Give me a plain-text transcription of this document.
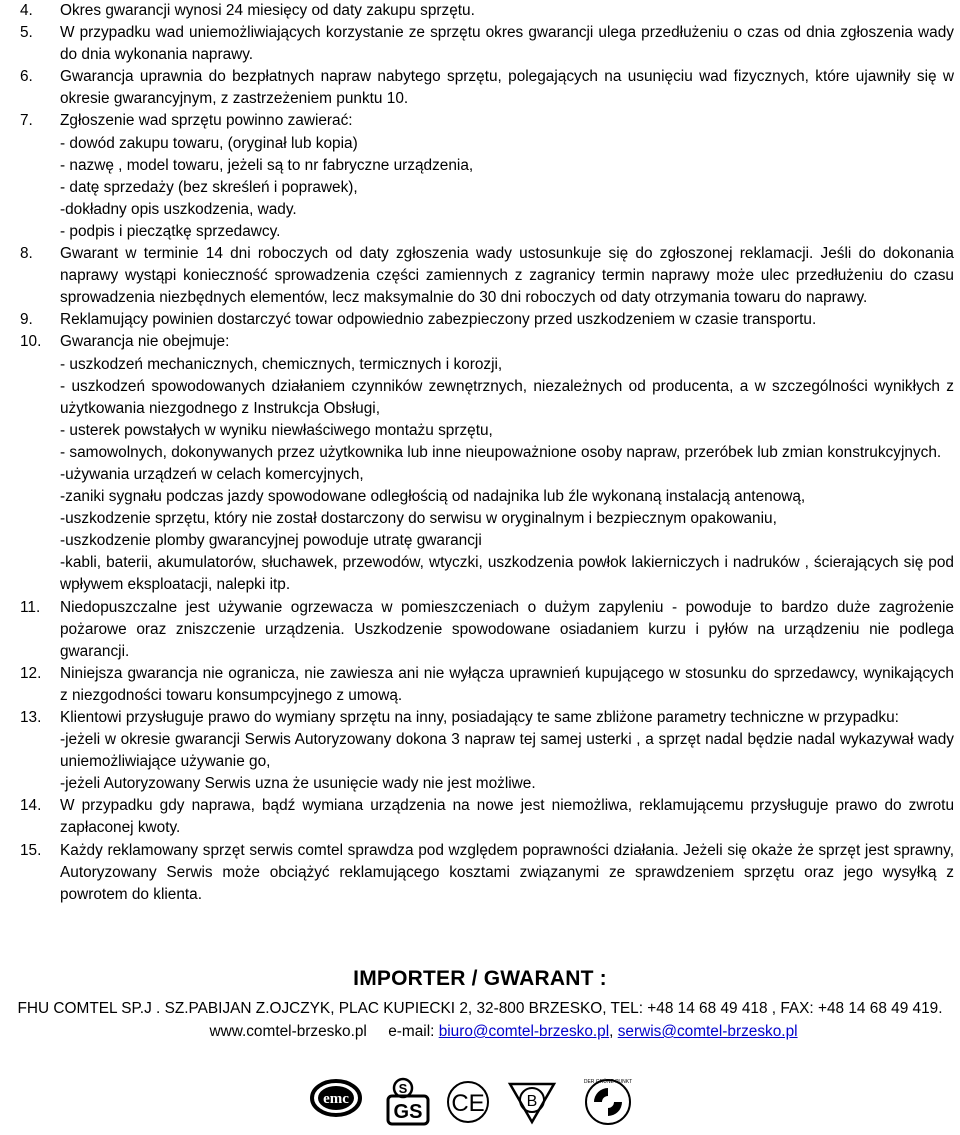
4.	Okres gwarancji wynosi 24 miesięcy od daty zakupu sprzętu.
5.	W przypadku wad uniemożliwiających korzystanie ze sprzętu okres gwarancji ulega przedłużeniu o czas od dnia zgłoszenia wady do dnia wykonania naprawy.
6.	Gwarancja uprawnia do bezpłatnych napraw nabytego sprzętu, polegających na usunięciu wad fizycznych, które ujawniły się w okresie gwarancyjnym, z zastrzeżeniem punktu 10.
7.	Zgłoszenie wad sprzętu powinno zawierać:
- dowód zakupu towaru, (oryginał lub kopia)
- nazwę , model towaru, jeżeli są to nr fabryczne urządzenia,
- datę sprzedaży (bez skreśleń i poprawek),
-dokładny opis uszkodzenia, wady.
- podpis i pieczątkę sprzedawcy.
8.	Gwarant w terminie 14 dni roboczych od daty zgłoszenia wady ustosunkuje się do zgłoszonej reklamacji. Jeśli do dokonania naprawy wystąpi konieczność sprowadzenia części zamiennych z zagranicy termin naprawy może ulec przedłużeniu do czasu sprowadzenia niezbędnych elementów, lecz maksymalnie do 30 dni roboczych od daty otrzymania towaru do naprawy.
9.	Reklamujący powinien dostarczyć towar odpowiednio zabezpieczony przed uszkodzeniem w czasie transportu.
10.	Gwarancja nie obejmuje:
- uszkodzeń mechanicznych, chemicznych, termicznych i korozji,
- uszkodzeń spowodowanych działaniem czynników zewnętrznych, niezależnych od producenta, a w szczególności wynikłych z użytkowania niezgodnego z Instrukcja Obsługi,
- usterek powstałych w wyniku niewłaściwego montażu sprzętu,
- samowolnych, dokonywanych przez użytkownika lub inne nieupoważnione osoby napraw, przeróbek lub zmian konstrukcyjnych.
-używania urządzeń w celach komercyjnych,
-zaniki sygnału podczas jazdy spowodowane odległością od nadajnika lub źle wykonaną instalacją antenową,
-uszkodzenie sprzętu, który nie został dostarczony do serwisu w oryginalnym i bezpiecznym opakowaniu,
-uszkodzenie plomby gwarancyjnej powoduje utratę gwarancji
-kabli, baterii, akumulatorów, słuchawek, przewodów, wtyczki, uszkodzenia powłok lakierniczych i nadruków , ścierających się pod wpływem eksploatacji, nalepki itp.
11.	Niedopuszczalne jest używanie ogrzewacza w pomieszczeniach o dużym zapyleniu - powoduje to bardzo duże zagrożenie pożarowe oraz zniszczenie urządzenia. Uszkodzenie spowodowane osiadaniem kurzu i pyłów na urządzeniu nie podlega gwarancji.
12.	Niniejsza gwarancja nie ogranicza, nie zawiesza ani nie wyłącza uprawnień kupującego w stosunku do sprzedawcy, wynikających z niezgodności towaru konsumpcyjnego z umową.
13.	Klientowi przysługuje prawo do wymiany sprzętu na inny, posiadający te same zbliżone parametry techniczne w przypadku:
-jeżeli w okresie gwarancji Serwis Autoryzowany dokona 3 napraw tej samej usterki , a sprzęt nadal będzie nadal wykazywał wady uniemożliwiające używanie go,
-jeżeli Autoryzowany Serwis uzna że usunięcie wady nie jest możliwe.
14.	W przypadku gdy naprawa, bądź wymiana urządzenia na nowe jest niemożliwa, reklamującemu przysługuje prawo do zwrotu zapłaconej kwoty.
15.	Każdy reklamowany sprzęt serwis comtel sprawdza pod względem poprawności działania. Jeżeli się okaże że sprzęt jest sprawny, Autoryzowany Serwis może obciążyć reklamującego kosztami związanymi ze sprawdzeniem sprzętu oraz jego wysyłką z powrotem do klienta.
IMPORTER / GWARANT :
FHU COMTEL SP.J . SZ.PABIJAN Z.OJCZYK, PLAC KUPIECKI 2, 32-800 BRZESKO, TEL: +48 14 68 49 418 , FAX: +48 14 68 49 419.            www.comtel-brzesko.pl e-mail: biuro@comtel-brzesko.pl, serwis@comtel-brzesko.pl
emc
S
GS CE	B
DER GRÜNE PUNKT
